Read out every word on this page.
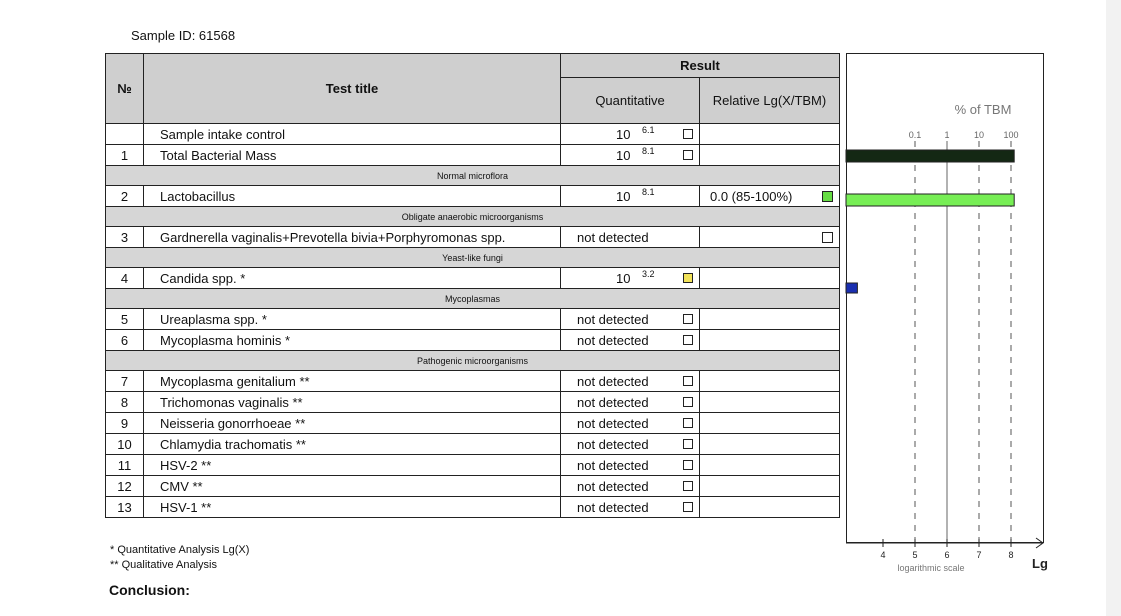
Sample ID: 61568
№	Test title	Result	
		Quantitative	Relative Lg(X/TBM)
	Sample intake control	10 6.1	

1	Total Bacterial Mass	10 8.1	

Normal microflora			
2	Lactobacillus	10 8.1	0.0 (85-100%)

Obligate anaerobic microorganisms			
3	Gardnerella vaginalis+Prevotella bivia+Porphyromonas spp.	not detected	

Yeast-like fungi			
4	Candida spp. *	10 3.2	

Mycoplasmas			
5	Ureaplasma spp. *	not detected	

6	Mycoplasma hominis *	not detected	

Pathogenic microorganisms			
7	Mycoplasma genitalium **	not detected	

8	Trichomonas vaginalis **	not detected	

9	Neisseria gonorrhoeae **	not detected	

10	Chlamydia trachomatis **	not detected	

11	HSV-2 **	not detected	

12	CMV **	not detected	

13	HSV-1 **	not detected	

* Quantitative Analysis Lg(X)
** Qualitative Analysis
Conclusion:
% of TBM
0.1	1	10 100
4	5	6	7	8
logarithmic scale	Lg
